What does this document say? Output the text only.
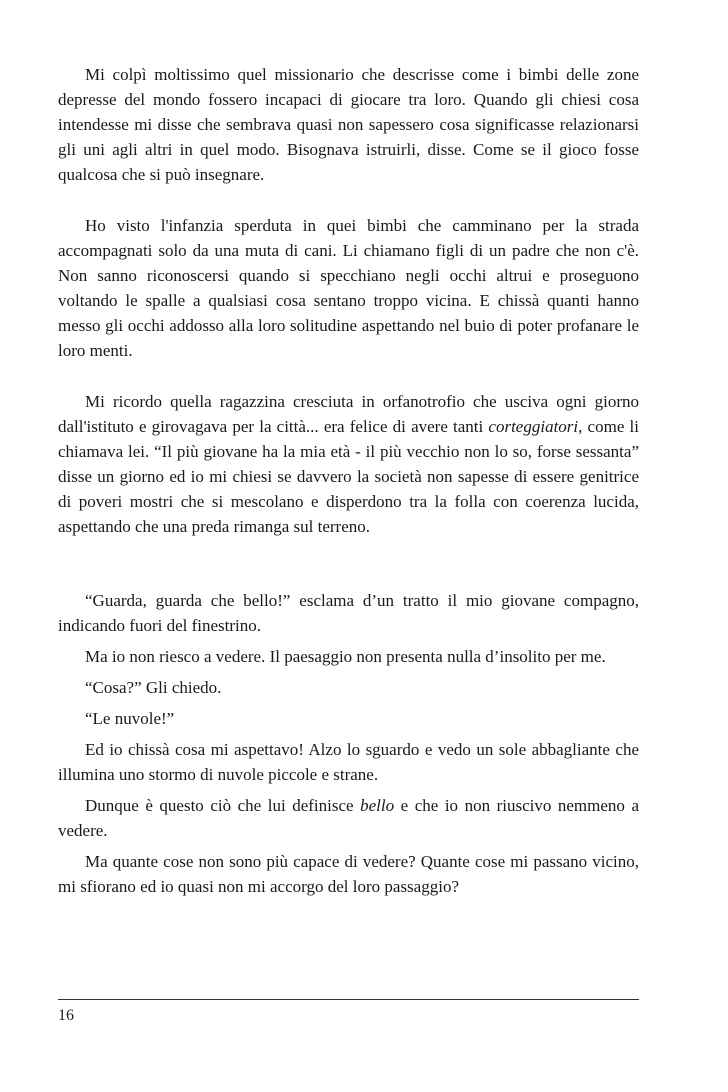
Mi colpì moltissimo quel missionario che descrisse come i bimbi delle zone depresse del mondo fossero incapaci di giocare tra loro. Quando gli chiesi cosa intendesse mi disse che sembrava quasi non sapessero cosa significasse relazionarsi gli uni agli altri in quel modo. Bisognava istruirli, disse. Come se il gioco fosse qualcosa che si può insegnare.

Ho visto l'infanzia sperduta in quei bimbi che camminano per la strada accompagnati solo da una muta di cani. Li chiamano figli di un padre che non c'è. Non sanno riconoscersi quando si specchiano negli occhi altrui e proseguono voltando le spalle a qualsiasi cosa sentano troppo vicina. E chissà quanti hanno messo gli occhi addosso alla loro solitudine aspettando nel buio di poter profanare le loro menti.

Mi ricordo quella ragazzina cresciuta in orfanotrofio che usciva ogni giorno dall'istituto e girovagava per la città... era felice di avere tanti corteggiatori, come li chiamava lei. “Il più giovane ha la mia età - il più vecchio non lo so, forse sessanta” disse un giorno ed io mi chiesi se davvero la società non sapesse di essere genitrice di poveri mostri che si mescolano e disperdono tra la folla con coerenza lucida, aspettando che una preda rimanga sul terreno.

“Guarda, guarda che bello!” esclama d’un tratto il mio giovane compagno, indicando fuori del finestrino.

Ma io non riesco a vedere. Il paesaggio non presenta nulla d’insolito per me.

“Cosa?” Gli chiedo.

“Le nuvole!”

Ed io chissà cosa mi aspettavo! Alzo lo sguardo e vedo un sole abbagliante che illumina uno stormo di nuvole piccole e strane.

Dunque è questo ciò che lui definisce bello e che io non riuscivo nemmeno a vedere.

Ma quante cose non sono più capace di vedere? Quante cose mi passano vicino, mi sfiorano ed io quasi non mi accorgo del loro passaggio?

16
